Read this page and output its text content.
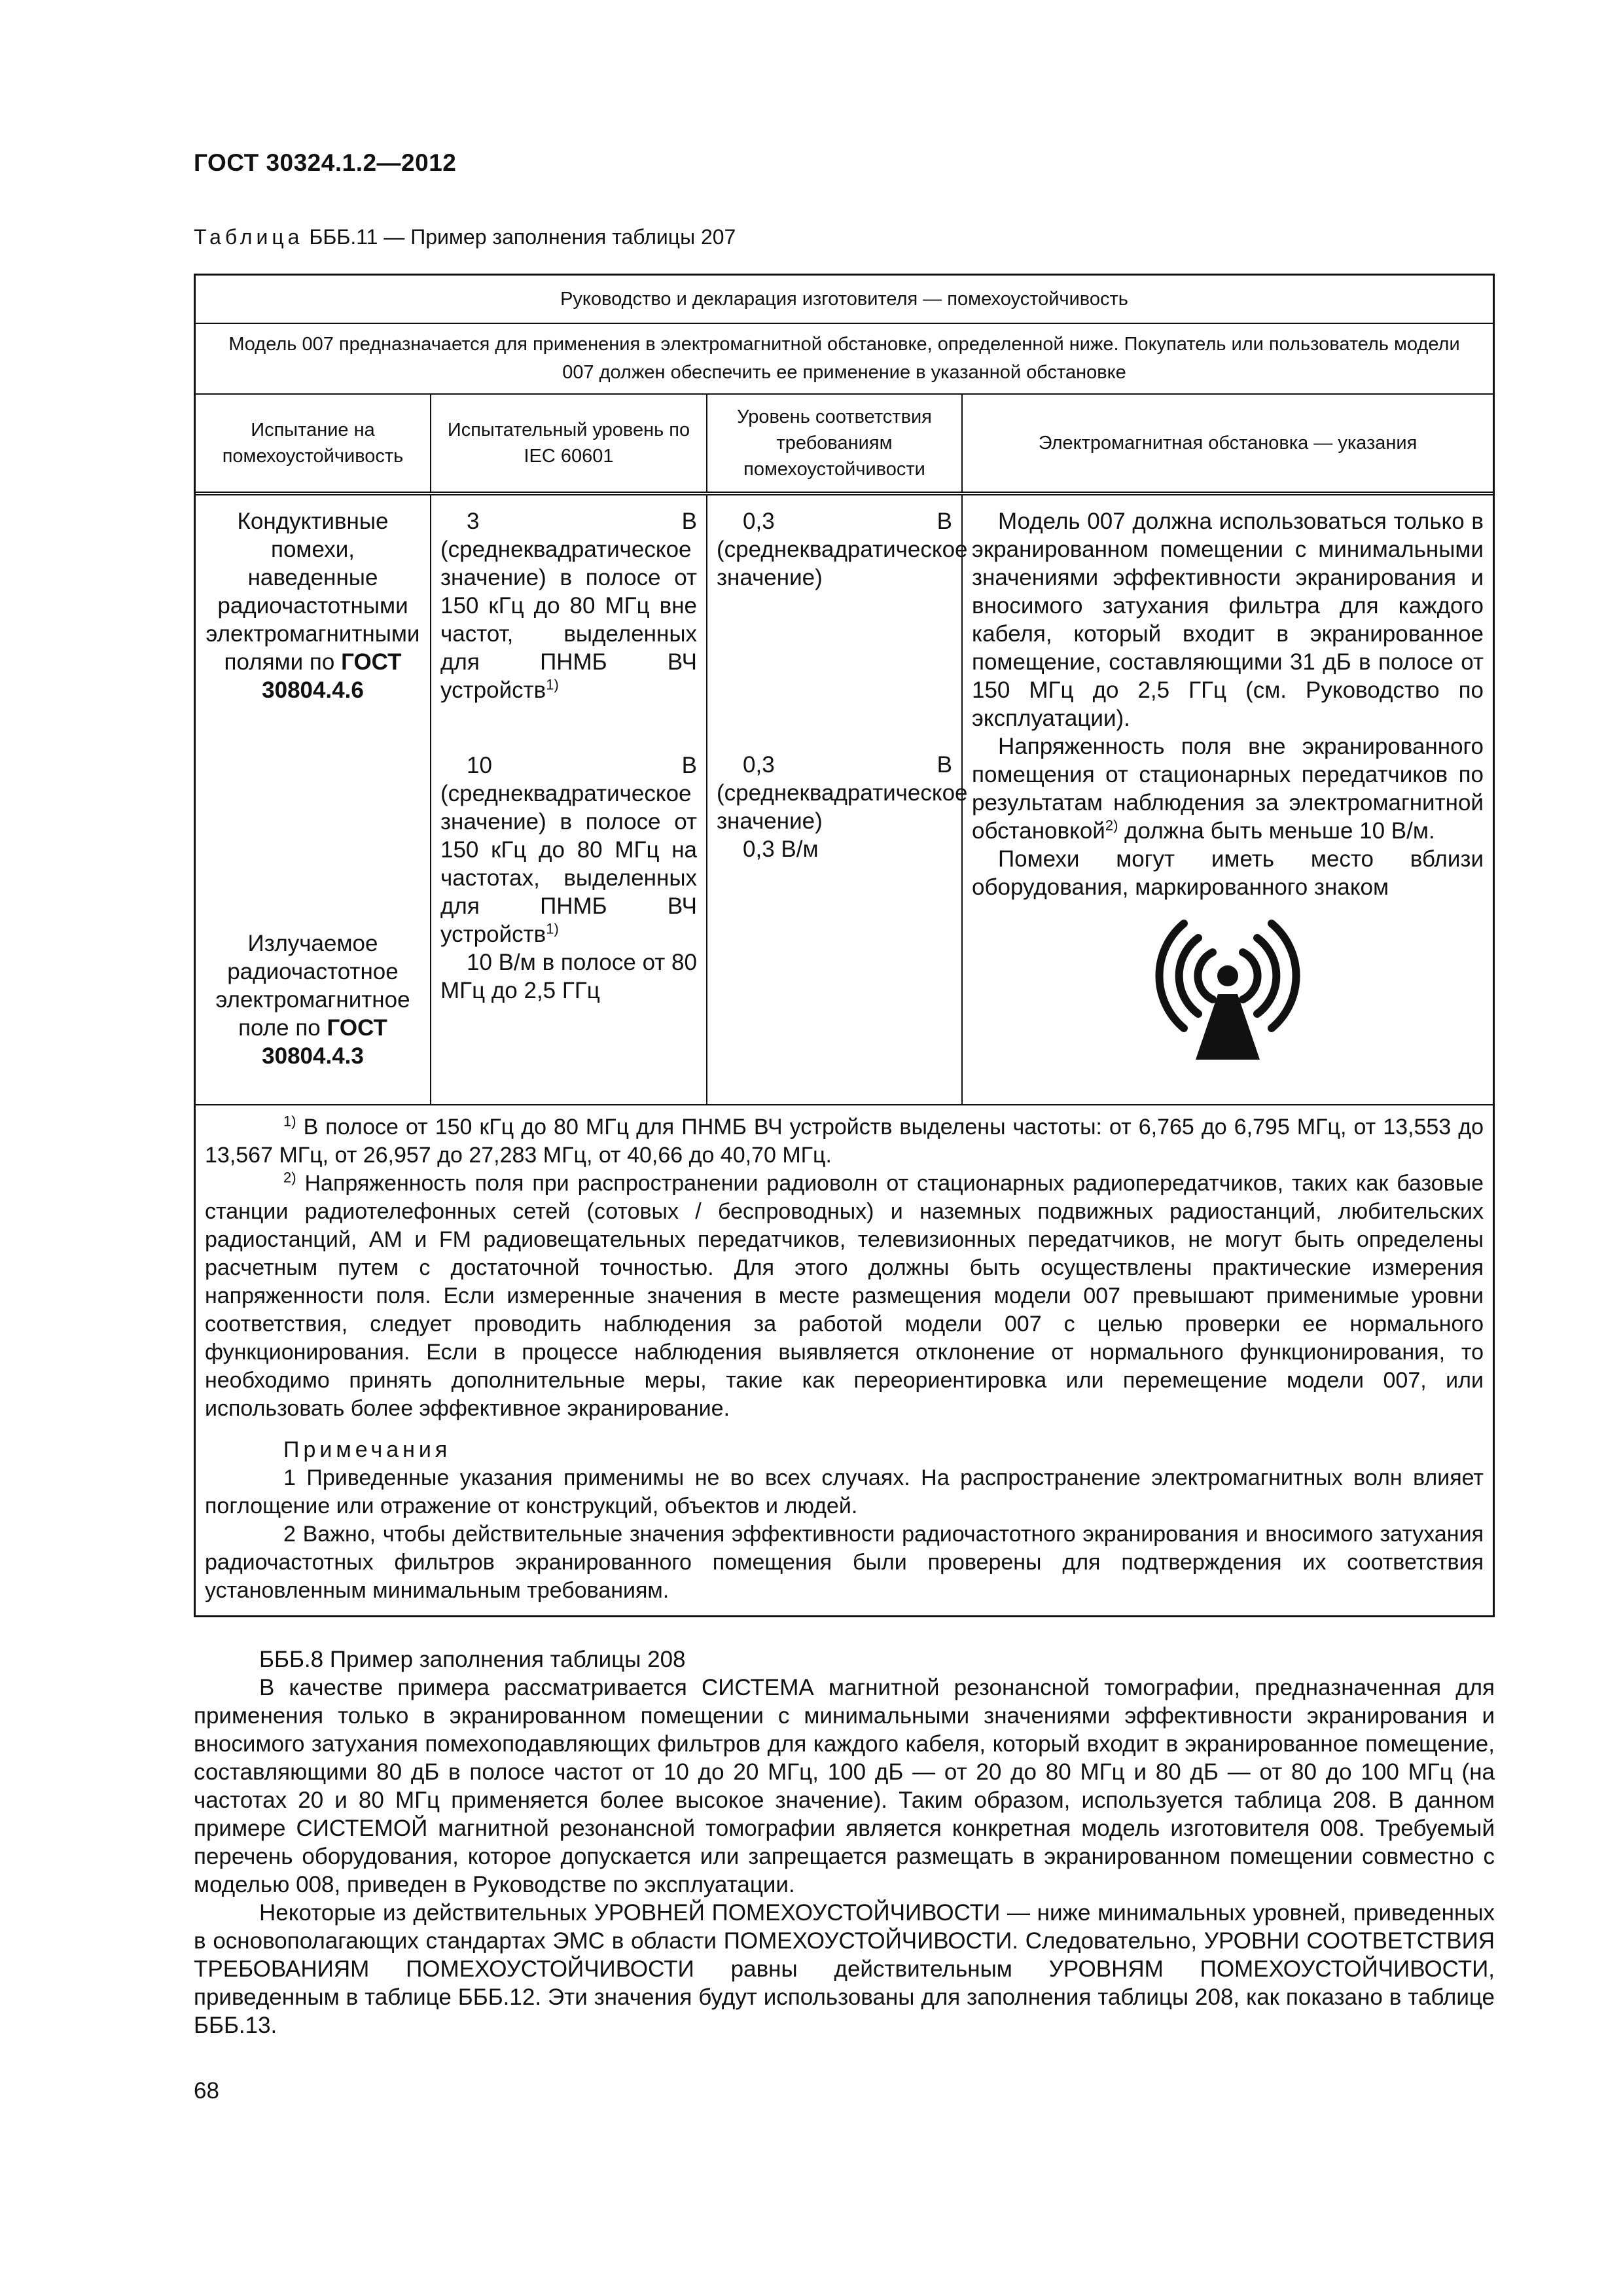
ГОСТ 30324.1.2—2012
Таблица БББ.11 — Пример заполнения таблицы 207
Руководство и декларация изготовителя — помехоустойчивость
Модель 007 предназначается для применения в электромагнитной обстановке, определенной ниже. Покупатель или пользователь модели 007 должен обеспечить ее применение в указанной обстановке
Испытание на помехоустойчивость
Испытательный уровень по IEC 60601
Уровень соответствия требованиям помехоустойчивости
Электромагнитная обстановка — указания
Кондуктивные помехи, наведенные радиочастотными электромагнитными полями по ГОСТ 30804.4.6
Излучаемое радиочастотное электромагнитное поле по ГОСТ 30804.4.3
3 В (среднеквадратическое значение) в полосе от 150 кГц до 80 МГц вне частот, выделенных для ПНМБ ВЧ устройств$^{1)}$
10 В (среднеквадратическое значение) в полосе от 150 кГц до 80 МГц на частотах, выделенных для ПНМБ ВЧ устройств$^{1)}$
10 В/м в полосе от 80 МГц до 2,5 ГГц
0,3 В (среднеквадратическое значение)
0,3 В (среднеквадратическое значение)
0,3 В/м
Модель 007 должна использоваться только в экранированном помещении с минимальными значениями эффективности экранирования и вносимого затухания фильтра для каждого кабеля, который входит в экранированное помещение, составляющими 31 дБ в полосе от 150 МГц до 2,5 ГГц (см. Руководство по эксплуатации).
Напряженность поля вне экранированного помещения от стационарных передатчиков по результатам наблюдения за электромагнитной обстановкой$^{2)}$ должна быть меньше 10 В/м.
Помехи могут иметь место вблизи оборудования, маркированного знаком

$^{1)}$ В полосе от 150 кГц до 80 МГц для ПНМБ ВЧ устройств выделены частоты: от 6,765 до 6,795 МГц, от 13,553 до 13,567 МГц, от 26,957 до 27,283 МГц, от 40,66 до 40,70 МГц.

$^{2)}$ Напряженность поля при распространении радиоволн от стационарных радиопередатчиков, таких как базовые станции радиотелефонных сетей (сотовых / беспроводных) и наземных подвижных радиостанций, любительских радиостанций, АМ и FM радиовещательных передатчиков, телевизионных передатчиков, не могут быть определены расчетным путем с достаточной точностью. Для этого должны быть осуществлены практические измерения напряженности поля. Если измеренные значения в месте размещения модели 007 превышают применимые уровни соответствия, следует проводить наблюдения за работой модели 007 с целью проверки ее нормального функционирования. Если в процессе наблюдения выявляется отклонение от нормального функционирования, то необходимо принять дополнительные меры, такие как переориентировка или перемещение модели 007, или использовать более эффективное экранирование.

Примечания

1 Приведенные указания применимы не во всех случаях. На распространение электромагнитных волн влияет поглощение или отражение от конструкций, объектов и людей.

2 Важно, чтобы действительные значения эффективности радиочастотного экранирования и вносимого затухания радиочастотных фильтров экранированного помещения были проверены для подтверждения их соответствия установленным минимальным требованиям.

БББ.8 Пример заполнения таблицы 208

В качестве примера рассматривается СИСТЕМА магнитной резонансной томографии, предназначенная для применения только в экранированном помещении с минимальными значениями эффективности экранирования и вносимого затухания помехоподавляющих фильтров для каждого кабеля, который входит в экранированное помещение, составляющими 80 дБ в полосе частот от 10 до 20 МГц, 100 дБ — от 20 до 80 МГц и 80 дБ — от 80 до 100 МГц (на частотах 20 и 80 МГц применяется более высокое значение). Таким образом, используется таблица 208. В данном примере СИСТЕМОЙ магнитной резонансной томографии является конкретная модель изготовителя 008. Требуемый перечень оборудования, которое допускается или запрещается размещать в экранированном помещении совместно с моделью 008, приведен в Руководстве по эксплуатации.

Некоторые из действительных УРОВНЕЙ ПОМЕХОУСТОЙЧИВОСТИ — ниже минимальных уровней, приведенных в основополагающих стандартах ЭМС в области ПОМЕХОУСТОЙЧИВОСТИ. Следовательно, УРОВНИ СООТВЕТСТВИЯ ТРЕБОВАНИЯМ ПОМЕХОУСТОЙЧИВОСТИ равны действительным УРОВНЯМ ПОМЕХОУСТОЙЧИВОСТИ, приведенным в таблице БББ.12. Эти значения будут использованы для заполнения таблицы 208, как показано в таблице БББ.13.

68
